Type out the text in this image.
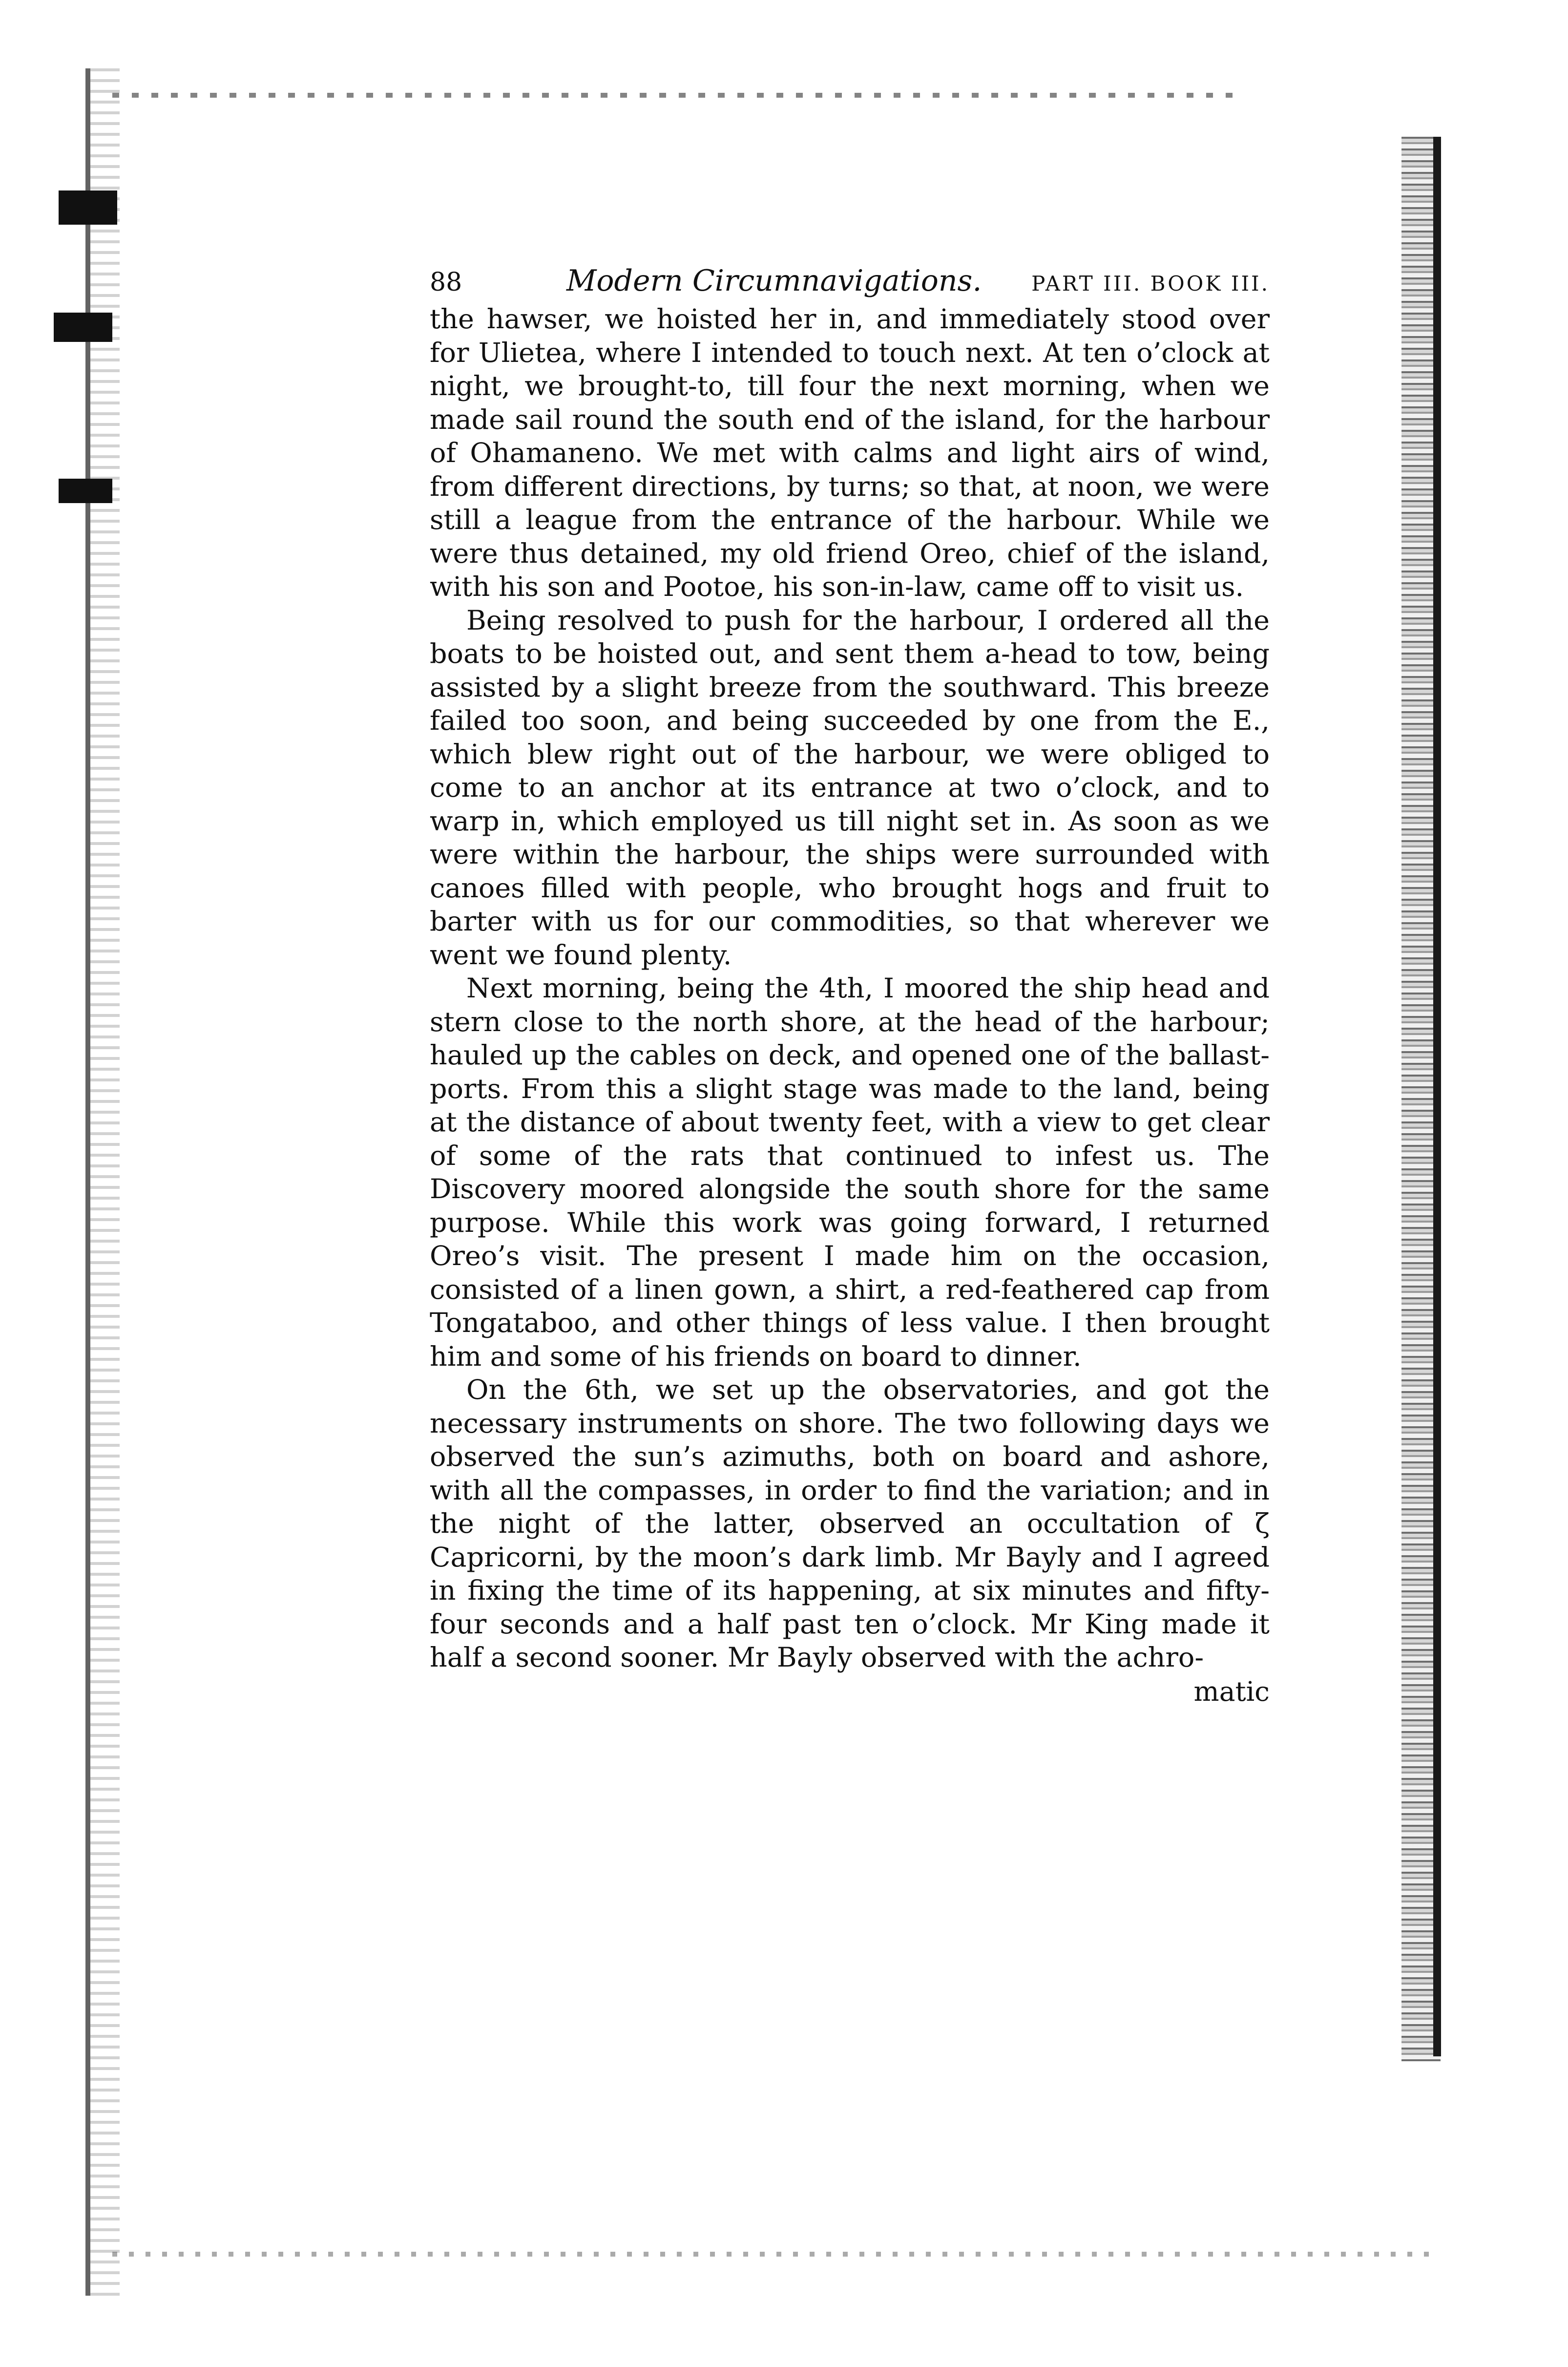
88	Modern Circumnavigations. PART III. BOOK III.

the hawser, we hoisted her in, and immediately stood over for Ulietea, where I intended to touch next. At ten o’clock at night, we brought-to, till four the next morning, when we made sail round the south end of the island, for the harbour of Ohamaneno. We met with calms and light airs of wind, from different directions, by turns; so that, at noon, we were still a league from the entrance of the harbour. While we were thus detained, my old friend Oreo, chief of the island, with his son and Pootoe, his son-in-law, came off to visit us.

Being resolved to push for the harbour, I ordered all the boats to be hoisted out, and sent them a-head to tow, being assisted by a slight breeze from the southward. This breeze failed too soon, and being succeeded by one from the E., which blew right out of the harbour, we were obliged to come to an anchor at its entrance at two o’clock, and to warp in, which employed us till night set in. As soon as we were within the harbour, the ships were surrounded with canoes filled with people, who brought hogs and fruit to barter with us for our commodities, so that wherever we went we found plenty.

Next morning, being the 4th, I moored the ship head and stern close to the north shore, at the head of the harbour; hauled up the cables on deck, and opened one of the ballast-ports. From this a slight stage was made to the land, being at the distance of about twenty feet, with a view to get clear of some of the rats that continued to infest us. The Discovery moored alongside the south shore for the same purpose. While this work was going forward, I returned Oreo’s visit. The present I made him on the occasion, consisted of a linen gown, a shirt, a red-feathered cap from Tongataboo, and other things of less value. I then brought him and some of his friends on board to dinner.

On the 6th, we set up the observatories, and got the necessary instruments on shore. The two following days we observed the sun’s azimuths, both on board and ashore, with all the compasses, in order to find the variation; and in the night of the latter, observed an occultation of ζ Capricorni, by the moon’s dark limb. Mr Bayly and I agreed in fixing the time of its happening, at six minutes and fifty-four seconds and a half past ten o’clock. Mr King made it half a second sooner. Mr Bayly observed with the achro-

matic
